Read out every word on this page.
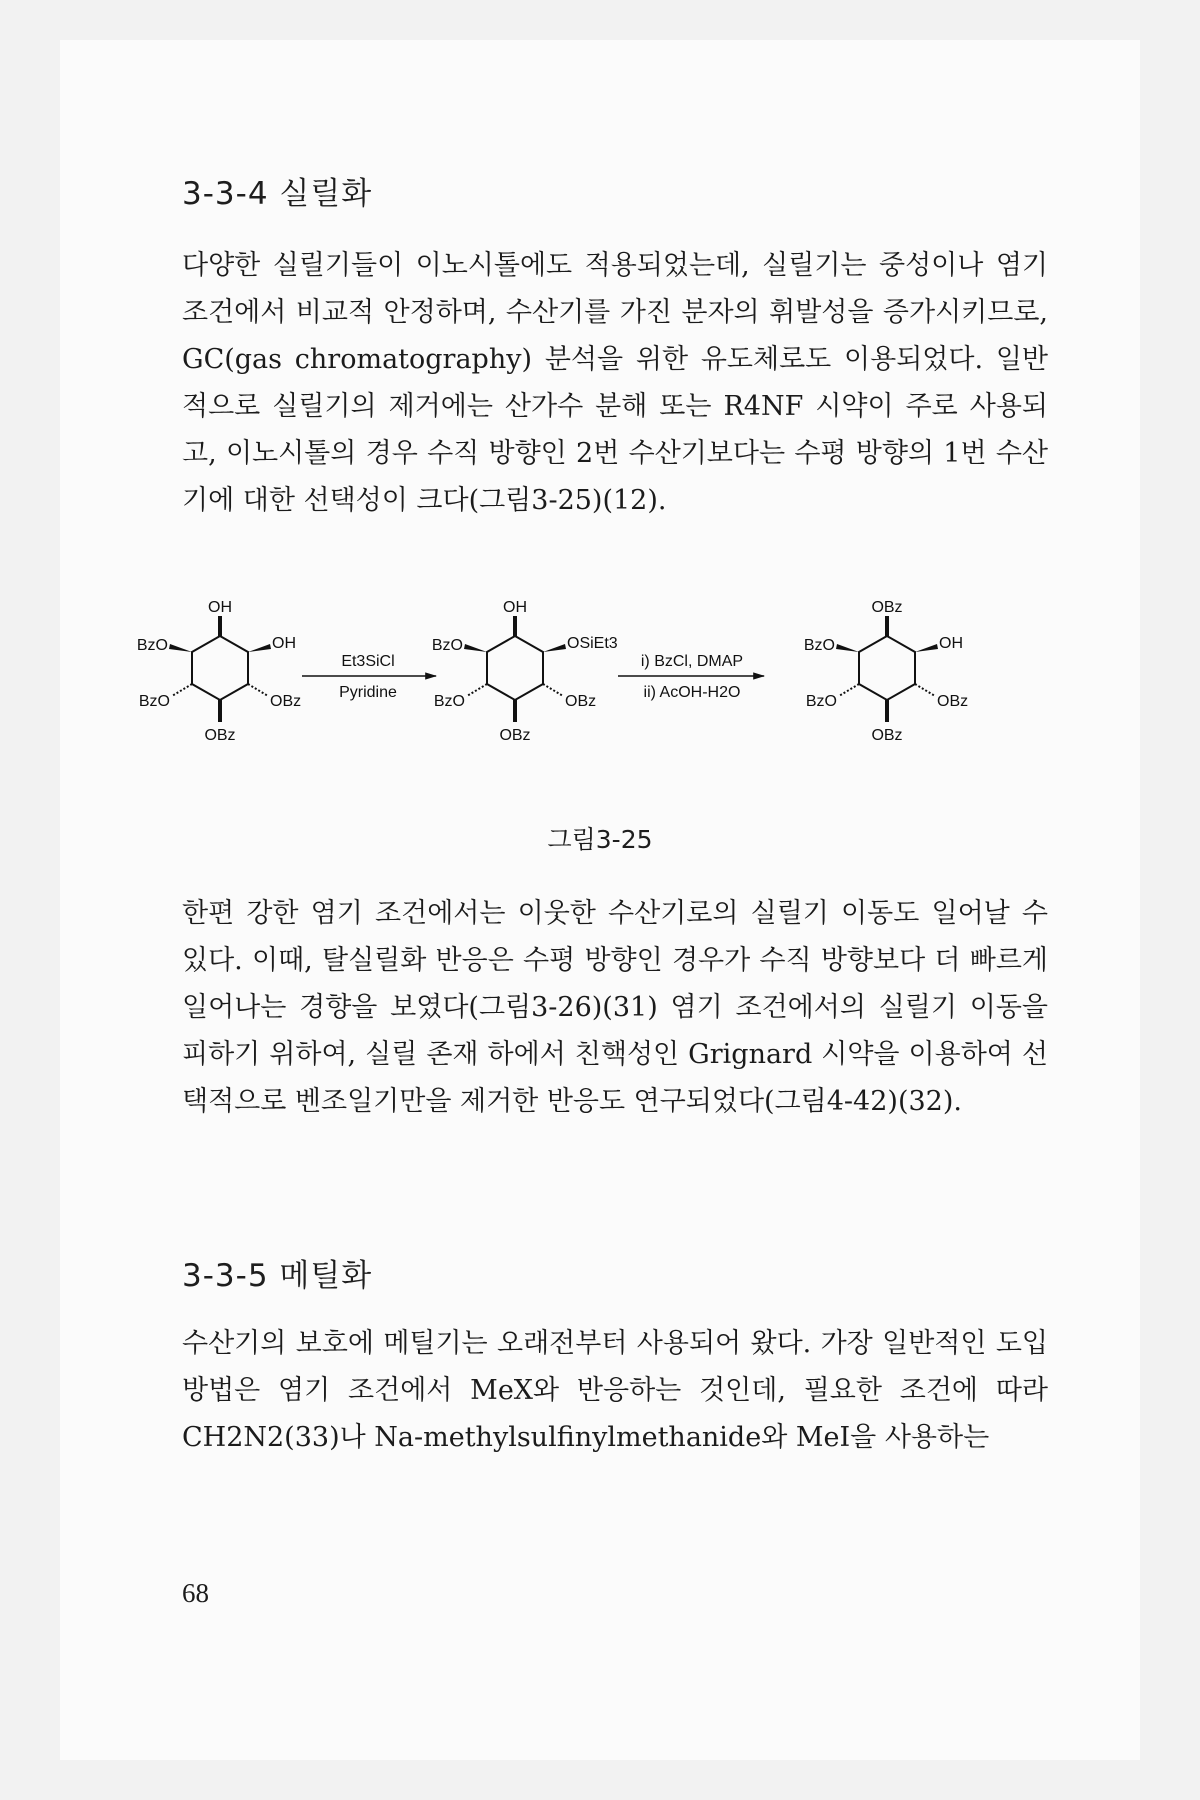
3-3-4 실릴화

다양한 실릴기들이 이노시톨에도 적용되었는데, 실릴기는 중성이나 염기 조건에서 비교적 안정하며, 수산기를 가진 분자의 휘발성을 증가시키므로, GC(gas chromatography) 분석을 위한 유도체로도 이용되었다. 일반적으로 실릴기의 제거에는 산가수 분해 또는 R4NF 시약이 주로 사용되고, 이노시톨의 경우 수직 방향인 2번 수산기보다는 수평 방향의 1번 수산기에 대한 선택성이 크다(그림3-25)(12).

OH
BzO	OH
BzO	OBz
OBz
Et3SiCl
Pyridine
OH
BzO	OSiEt3
BzO	OBz
OBz
i) BzCl, DMAP
ii) AcOH-H2O
OBz
BzO	OH
BzO	OBz
OBz
그림3-25

한편 강한 염기 조건에서는 이웃한 수산기로의 실릴기 이동도 일어날 수 있다. 이때, 탈실릴화 반응은 수평 방향인 경우가 수직 방향보다 더 빠르게 일어나는 경향을 보였다(그림3-26)(31) 염기 조건에서의 실릴기 이동을 피하기 위하여, 실릴 존재 하에서 친핵성인 Grignard 시약을 이용하여 선택적으로 벤조일기만을 제거한 반응도 연구되었다(그림4-42)(32).

3-3-5 메틸화

수산기의 보호에 메틸기는 오래전부터 사용되어 왔다. 가장 일반적인 도입 방법은 염기 조건에서 MeX와 반응하는 것인데, 필요한 조건에 따라 CH2N2(33)나 Na-methylsulfinylmethanide와 MeI을 사용하는

68
